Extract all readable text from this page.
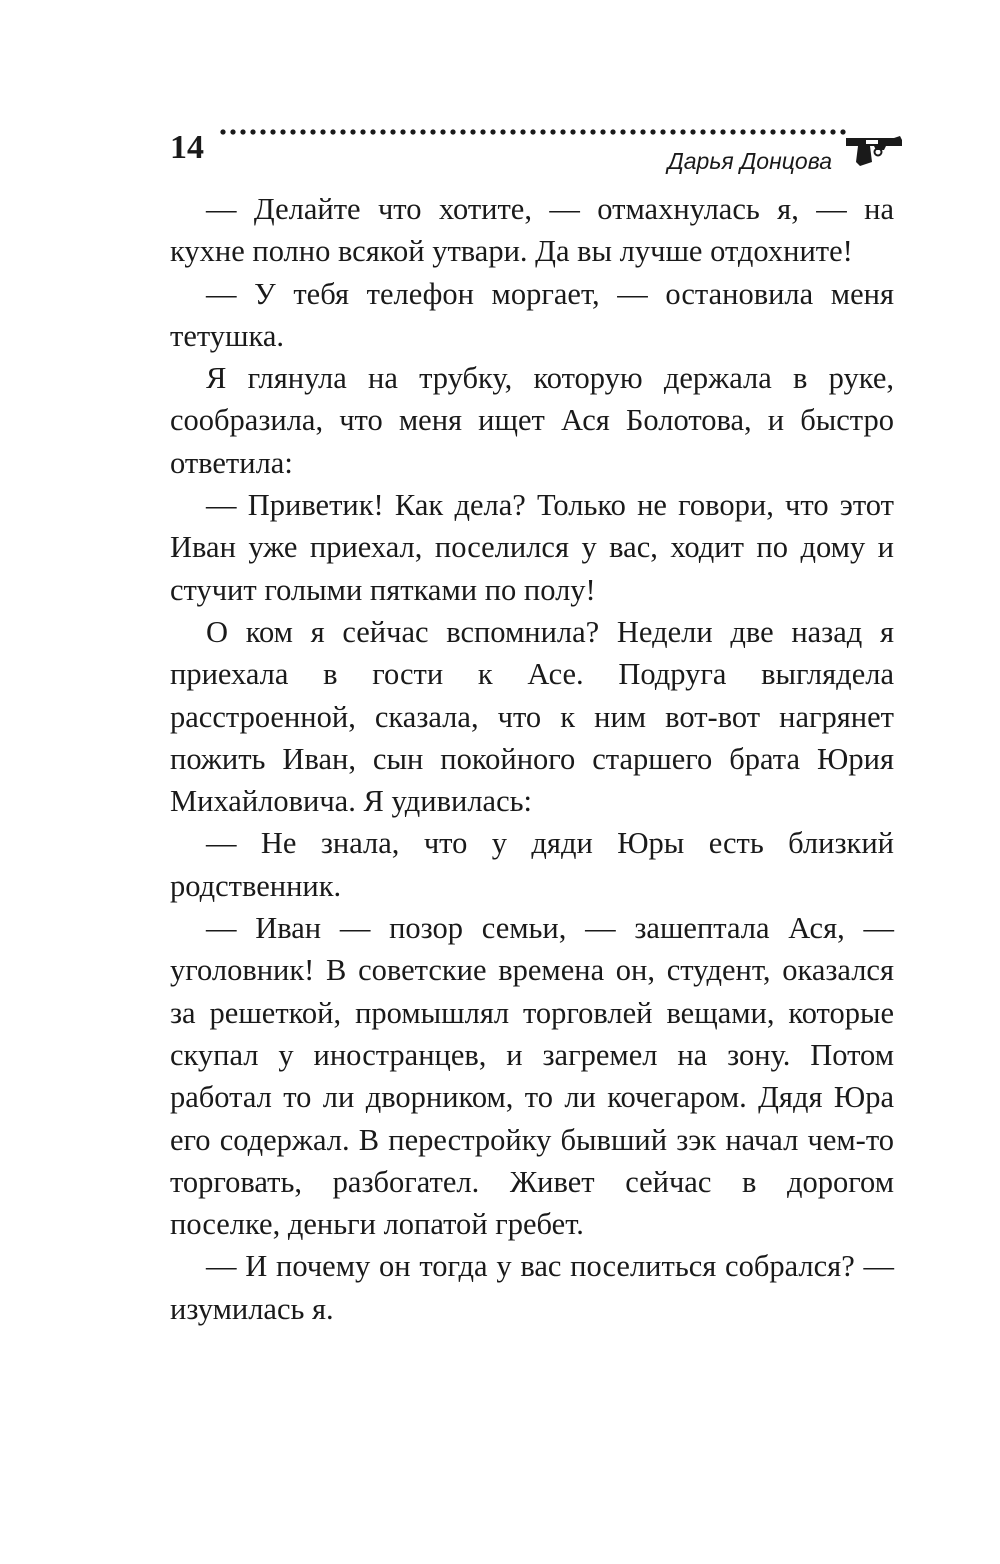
14	Дарья Донцова

— Делайте что хотите, — отмахнулась я, — на кухне полно всякой утвари. Да вы лучше отдохните!

— У тебя телефон моргает, — остановила меня тетушка.

Я глянула на трубку, которую держала в руке, сообразила, что меня ищет Ася Болотова, и быстро ответила:

— Приветик! Как дела? Только не говори, что этот Иван уже приехал, поселился у вас, ходит по дому и стучит голыми пятками по полу!

О ком я сейчас вспомнила? Недели две назад я приехала в гости к Асе. Подруга выглядела расстроенной, сказала, что к ним вот-вот нагрянет пожить Иван, сын покойного старшего брата Юрия Михайловича. Я удивилась:

— Не знала, что у дяди Юры есть близкий родственник.

— Иван — позор семьи, — зашептала Ася, — уголовник! В советские времена он, студент, оказался за решеткой, промышлял торговлей вещами, которые скупал у иностранцев, и загремел на зону. Потом работал то ли дворником, то ли кочегаром. Дядя Юра его содержал. В перестройку бывший зэк начал чем-то торговать, разбогател. Живет сейчас в дорогом поселке, деньги лопатой гребет.

— И почему он тогда у вас поселиться собрался? — изумилась я.
